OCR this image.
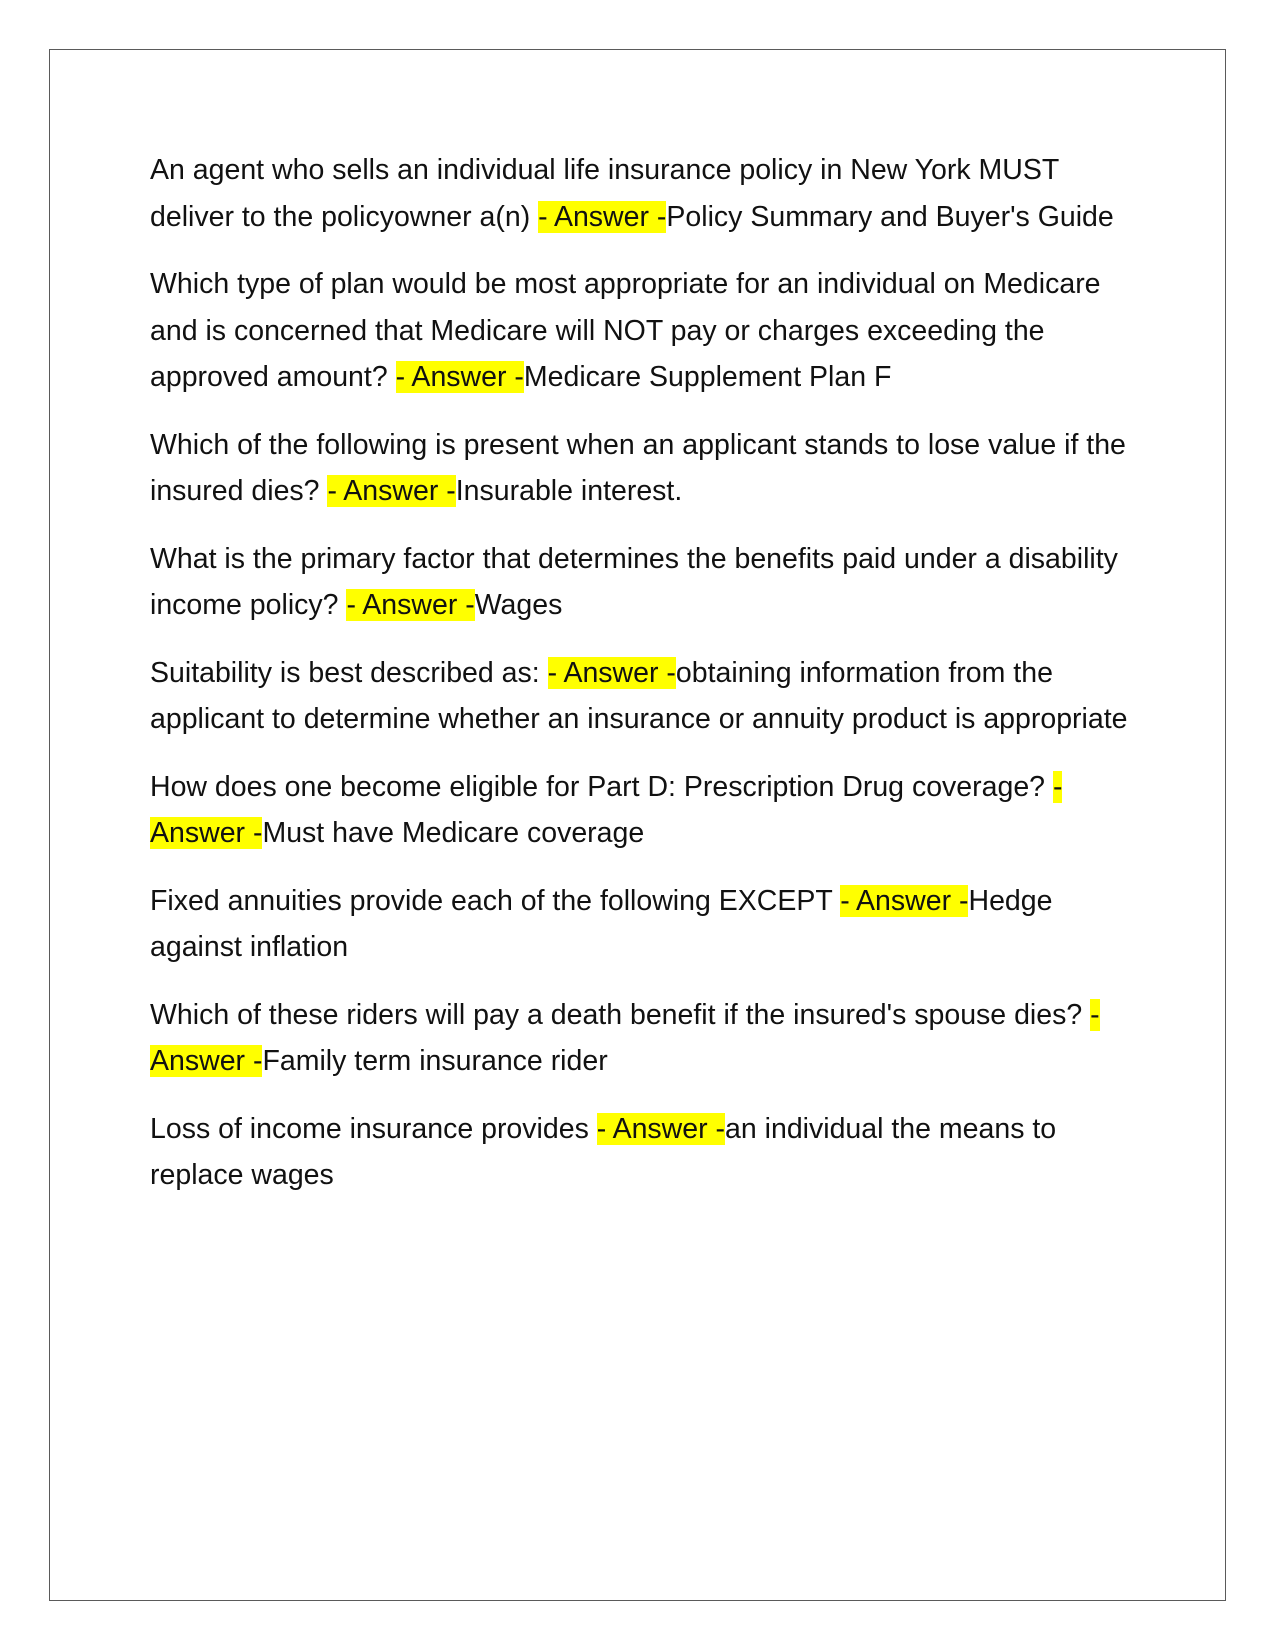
An agent who sells an individual life insurance policy in New York MUST deliver to the policyowner a(n) - Answer -Policy Summary and Buyer's Guide

Which type of plan would be most appropriate for an individual on Medicare and is concerned that Medicare will NOT pay or charges exceeding the approved amount? - Answer -Medicare Supplement Plan F

Which of the following is present when an applicant stands to lose value if the insured dies? - Answer -Insurable interest.

What is the primary factor that determines the benefits paid under a disability income policy? - Answer -Wages

Suitability is best described as: - Answer -obtaining information from the applicant to determine whether an insurance or annuity product is appropriate

How does one become eligible for Part D: Prescription Drug coverage? - Answer -Must have Medicare coverage

Fixed annuities provide each of the following EXCEPT - Answer -Hedge against inflation

Which of these riders will pay a death benefit if the insured's spouse dies? - Answer -Family term insurance rider

Loss of income insurance provides - Answer -an individual the means to replace wages
